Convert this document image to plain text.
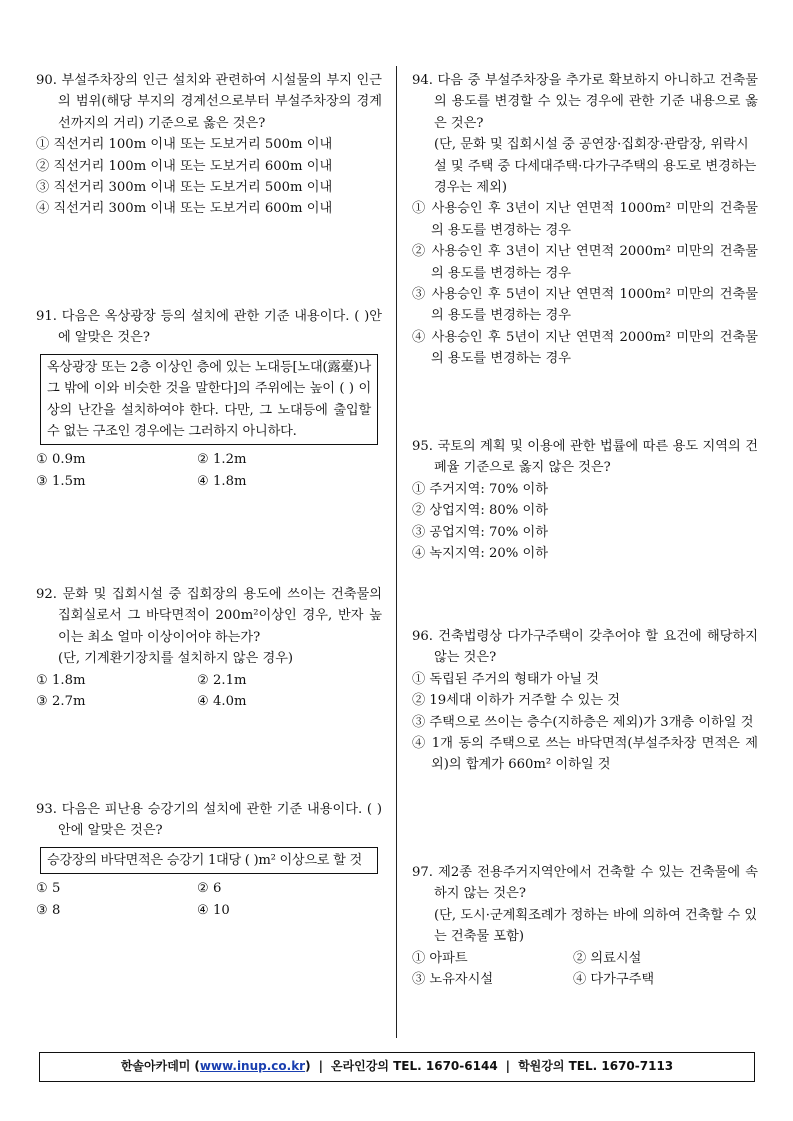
90. 부설주차장의 인근 설치와 관련하여 시설물의 부지 인근의 범위(해당 부지의 경계선으로부터 부설주차장의 경계선까지의 거리) 기준으로 옳은 것은?

① 직선거리 100m 이내 또는 도보거리 500m 이내

② 직선거리 100m 이내 또는 도보거리 600m 이내

③ 직선거리 300m 이내 또는 도보거리 500m 이내

④ 직선거리 300m 이내 또는 도보거리 600m 이내

91. 다음은 옥상광장 등의 설치에 관한 기준 내용이다. ( )안에 알맞은 것은?

옥상광장 또는 2층 이상인 층에 있는 노대등[노대(露臺)나 그 밖에 이와 비슷한 것을 말한다]의 주위에는 높이 ( ) 이상의 난간을 설치하여야 한다. 다만, 그 노대등에 출입할 수 없는 구조인 경우에는 그러하지 아니하다.

① 0.9m	② 1.2m

③ 1.5m	④ 1.8m

92. 문화 및 집회시설 중 집회장의 용도에 쓰이는 건축물의 집회실로서 그 바닥면적이 200m²이상인 경우, 반자 높이는 최소 얼마 이상이어야 하는가?

(단, 기계환기장치를 설치하지 않은 경우)

① 1.8m	② 2.1m

③ 2.7m	④ 4.0m

93. 다음은 피난용 승강기의 설치에 관한 기준 내용이다. ( )안에 알맞은 것은?

승강장의 바닥면적은 승강기 1대당 ( )m² 이상으로 할 것

① 5	② 6

③ 8	④ 10

94. 다음 중 부설주차장을 추가로 확보하지 아니하고 건축물의 용도를 변경할 수 있는 경우에 관한 기준 내용으로 옳은 것은?

(단, 문화 및 집회시설 중 공연장·집회장·관람장, 위락시설 및 주택 중 다세대주택·다가구주택의 용도로 변경하는 경우는 제외)

① 사용승인 후 3년이 지난 연면적 1000m² 미만의 건축물의 용도를 변경하는 경우

② 사용승인 후 3년이 지난 연면적 2000m² 미만의 건축물의 용도를 변경하는 경우

③ 사용승인 후 5년이 지난 연면적 1000m² 미만의 건축물의 용도를 변경하는 경우

④ 사용승인 후 5년이 지난 연면적 2000m² 미만의 건축물의 용도를 변경하는 경우

95. 국토의 계획 및 이용에 관한 법률에 따른 용도 지역의 건폐율 기준으로 옳지 않은 것은?

① 주거지역: 70% 이하

② 상업지역: 80% 이하

③ 공업지역: 70% 이하

④ 녹지지역: 20% 이하

96. 건축법령상 다가구주택이 갖추어야 할 요건에 해당하지 않는 것은?

① 독립된 주거의 형태가 아닐 것

② 19세대 이하가 거주할 수 있는 것

③ 주택으로 쓰이는 층수(지하층은 제외)가 3개층 이하일 것

④ 1개 동의 주택으로 쓰는 바닥면적(부설주차장 면적은 제외)의 합계가 660m² 이하일 것

97. 제2종 전용주거지역안에서 건축할 수 있는 건축물에 속하지 않는 것은?

(단, 도시·군계획조례가 정하는 바에 의하여 건축할 수 있는 건축물 포함)

① 아파트	② 의료시설

③ 노유자시설	④ 다가구주택

한솔아카데미 ( www.inup.co.kr ) | 온라인강의 TEL. 1670-6144 | 학원강의 TEL. 1670-7113
